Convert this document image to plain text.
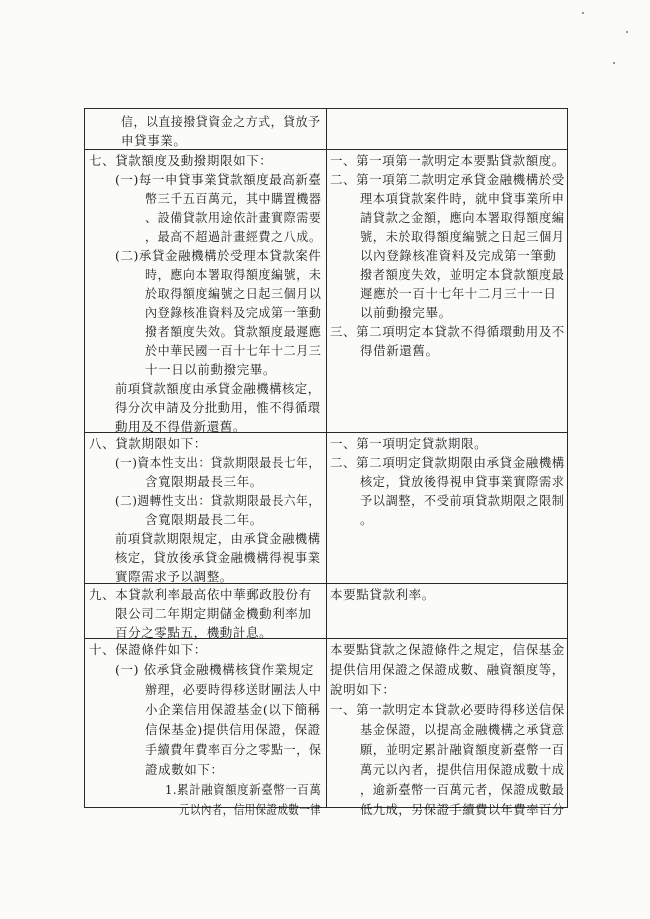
信，以直接撥貸資金之方式，貸放予
申貸事業。
七、貸款額度及動撥期限如下：
(一)每一申貸事業貸款額度最高新臺
幣三千五百萬元，其中購置機器
、設備貸款用途依計畫實際需要
，最高不超過計畫經費之八成。
(二)承貸金融機構於受理本貸款案件
時，應向本署取得額度編號，未
於取得額度編號之日起三個月以
內登錄核准資料及完成第一筆動
撥者額度失效。貸款額度最遲應
於中華民國一百十七年十二月三
十一日以前動撥完畢。
前項貸款額度由承貸金融機構核定，
得分次申請及分批動用，惟不得循環
動用及不得借新還舊。
一、第一項第一款明定本要點貸款額度。
二、第一項第二款明定承貸金融機構於受
理本項貸款案件時，就申貸事業所申
請貸款之金額，應向本署取得額度編
號，未於取得額度編號之日起三個月
以內登錄核准資料及完成第一筆動
撥者額度失效，並明定本貸款額度最
遲應於一百十七年十二月三十一日
以前動撥完畢。
三、第二項明定本貸款不得循環動用及不
得借新還舊。
八、貸款期限如下：
(一)資本性支出：貸款期限最長七年，
含寬限期最長三年。
(二)週轉性支出：貸款期限最長六年，
含寬限期最長二年。
前項貸款期限規定，由承貸金融機構
核定，貸放後承貸金融機構得視事業
實際需求予以調整。
一、第一項明定貸款期限。
二、第二項明定貸款期限由承貸金融機構
核定，貸放後得視申貸事業實際需求
予以調整，不受前項貸款期限之限制
。
九、本貸款利率最高依中華郵政股份有
限公司二年期定期儲金機動利率加
百分之零點五，機動計息。
本要點貸款利率。
十、保證條件如下：
(一) 依承貸金融機構核貸作業規定
辦理，必要時得移送財團法人中
小企業信用保證基金(以下簡稱
信保基金)提供信用保證，保證
手續費年費率百分之零點一，保
證成數如下：
1.累計融資額度新臺幣一百萬
元以內者，信用保證成數一律
本要點貸款之保證條件之規定，信保基金
提供信用保證之保證成數、融資額度等，
說明如下：
一、第一款明定本貸款必要時得移送信保
基金保證，以提高金融機構之承貸意
願，並明定累計融資額度新臺幣一百
萬元以內者，提供信用保證成數十成
，逾新臺幣一百萬元者，保證成數最
低九成，另保證手續費以年費率百分
